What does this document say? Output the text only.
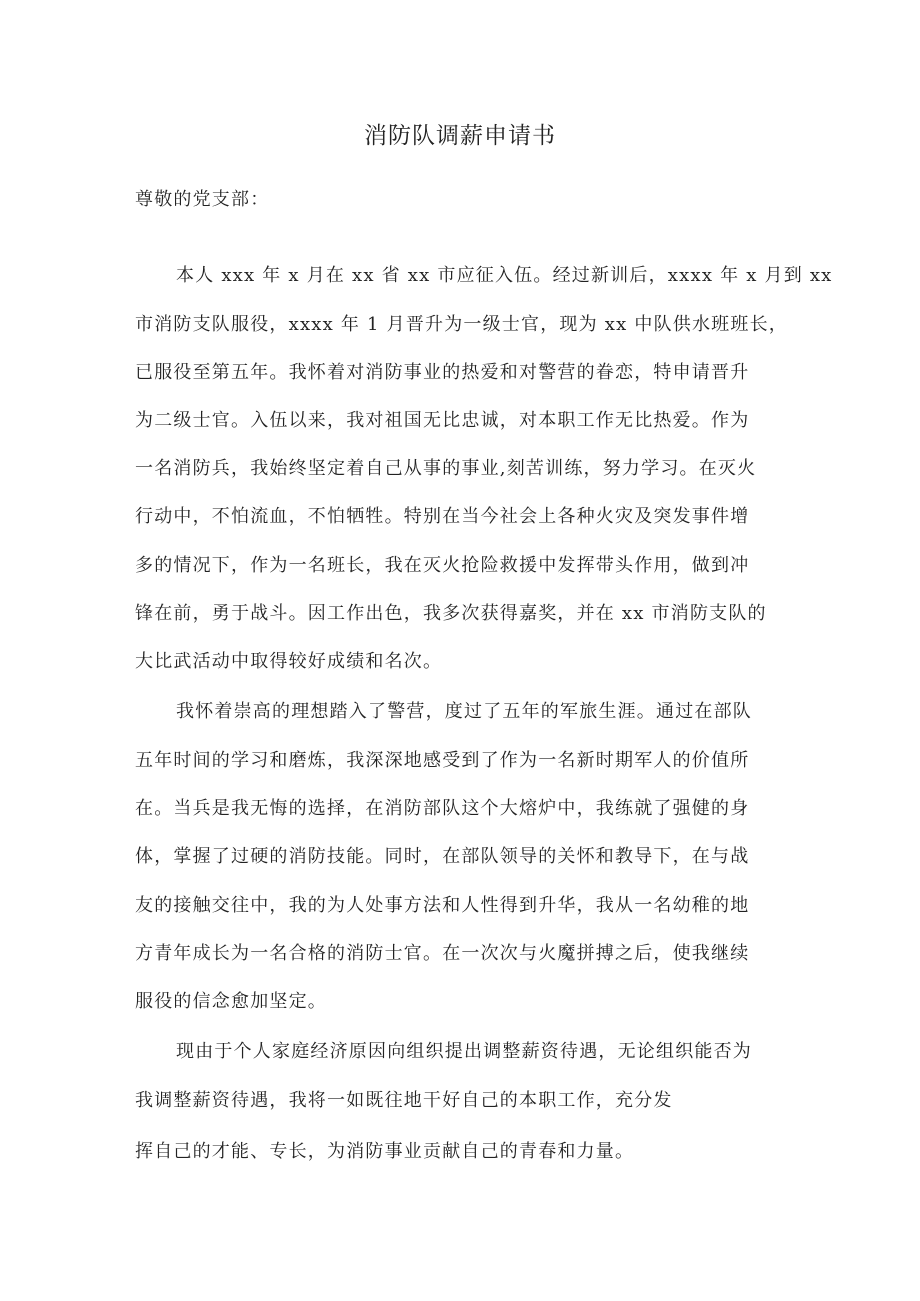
消防队调薪申请书

尊敬的党支部：

本人 xxx 年 x 月在 xx 省 xx 市应征入伍。经过新训后，xxxx 年 x 月到 xx

市消防支队服役，xxxx 年 1 月晋升为一级士官，现为 xx 中队供水班班长，

已服役至第五年。我怀着对消防事业的热爱和对警营的眷恋，特申请晋升

为二级士官。入伍以来，我对祖国无比忠诚，对本职工作无比热爱。作为

一名消防兵，我始终坚定着自己从事的事业,刻苦训练，努力学习。在灭火

行动中，不怕流血，不怕牺牲。特别在当今社会上各种火灾及突发事件增

多的情况下，作为一名班长，我在灭火抢险救援中发挥带头作用，做到冲

锋在前，勇于战斗。因工作出色，我多次获得嘉奖，并在 xx 市消防支队的

大比武活动中取得较好成绩和名次。

我怀着崇高的理想踏入了警营，度过了五年的军旅生涯。通过在部队

五年时间的学习和磨炼，我深深地感受到了作为一名新时期军人的价值所

在。当兵是我无悔的选择，在消防部队这个大熔炉中，我练就了强健的身

体，掌握了过硬的消防技能。同时，在部队领导的关怀和教导下，在与战

友的接触交往中，我的为人处事方法和人性得到升华，我从一名幼稚的地

方青年成长为一名合格的消防士官。在一次次与火魔拼搏之后，使我继续

服役的信念愈加坚定。

现由于个人家庭经济原因向组织提出调整薪资待遇，无论组织能否为

我调整薪资待遇，我将一如既往地干好自己的本职工作，充分发

挥自己的才能、专长，为消防事业贡献自己的青春和力量。
